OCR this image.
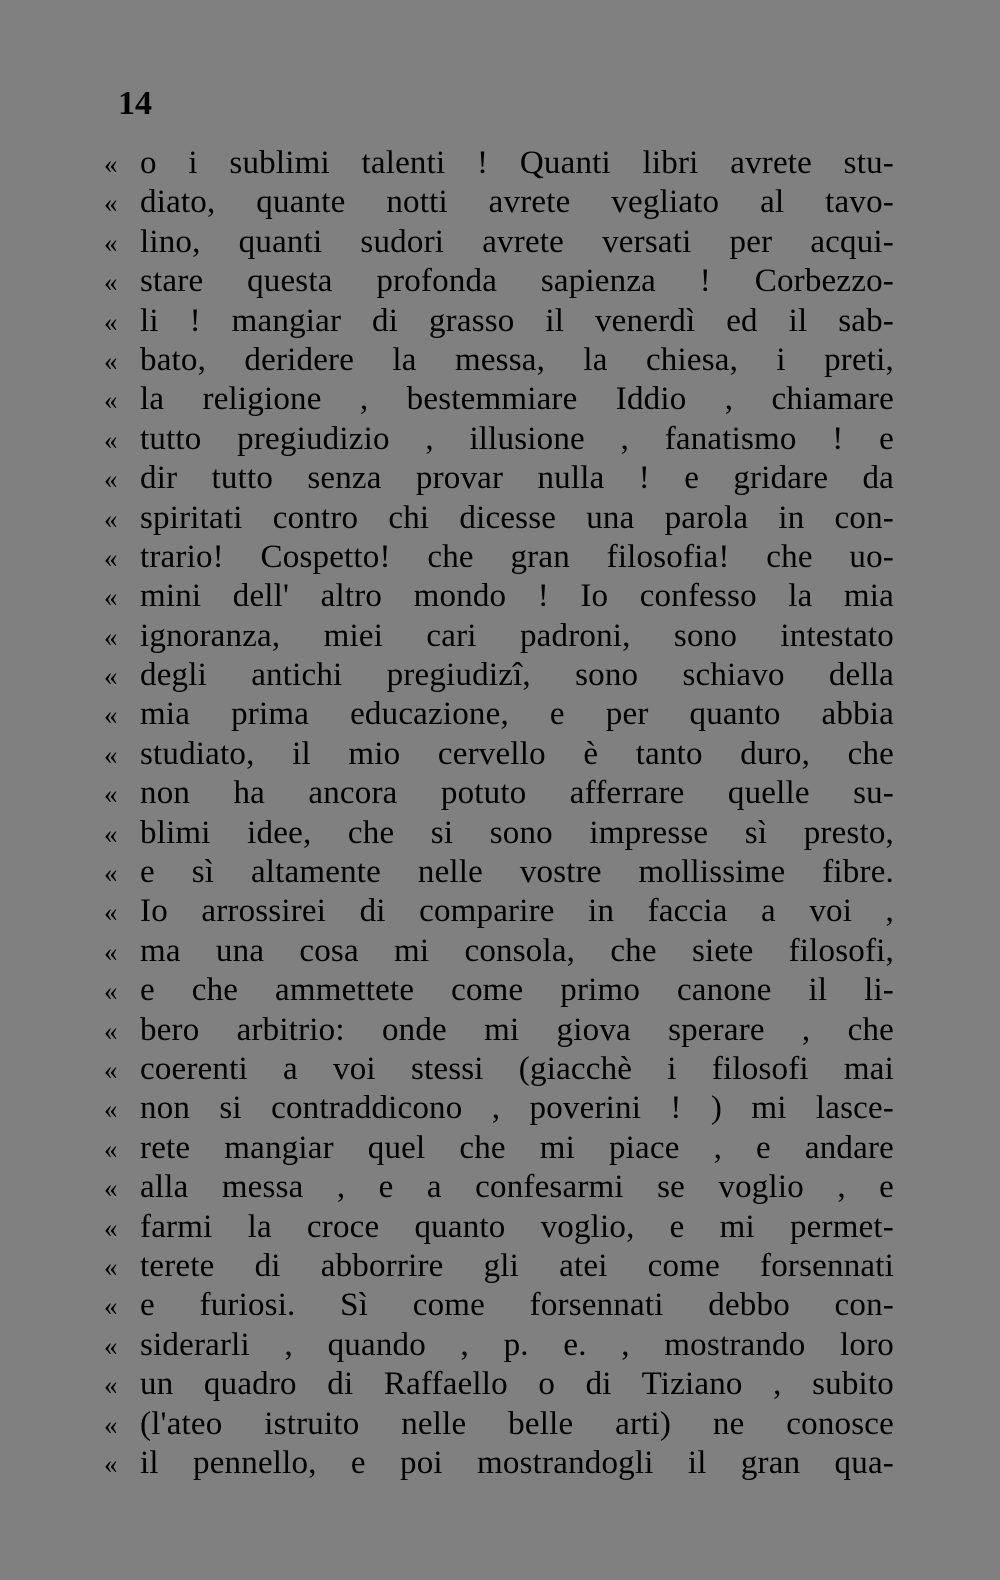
14
« o i sublimi talenti ! Quanti libri avrete stu-
« diato, quante notti avrete vegliato al tavo-
« lino, quanti sudori avrete versati per acqui-
« stare questa profonda sapienza ! Corbezzo-
« li ! mangiar di grasso il venerdì ed il sab-
« bato, deridere la messa, la chiesa, i preti,
« la religione , bestemmiare Iddio , chiamare
« tutto pregiudizio , illusione , fanatismo ! e
« dir tutto senza provar nulla ! e gridare da
« spiritati contro chi dicesse una parola in con-
« trario! Cospetto! che gran filosofia! che uo-
« mini dell' altro mondo ! Io confesso la mia
« ignoranza, miei cari padroni, sono intestato
« degli antichi pregiudizî, sono schiavo della
« mia prima educazione, e per quanto abbia
« studiato, il mio cervello è tanto duro, che
« non ha ancora potuto afferrare quelle su-
« blimi idee, che si sono impresse sì presto,
« e sì altamente nelle vostre mollissime fibre.
« Io arrossirei di comparire in faccia a voi ,
« ma una cosa mi consola, che siete filosofi,
« e che ammettete come primo canone il li-
« bero arbitrio: onde mi giova sperare , che
« coerenti a voi stessi (giacchè i filosofi mai
« non si contraddicono , poverini ! ) mi lasce-
« rete mangiar quel che mi piace , e andare
« alla messa , e a confesarmi se voglio , e
« farmi la croce quanto voglio, e mi permet-
« terete di abborrire gli atei come forsennati
« e furiosi. Sì come forsennati debbo con-
« siderarli , quando , p. e. , mostrando loro
« un quadro di Raffaello o di Tiziano , subito
« (l'ateo istruito nelle belle arti) ne conosce
« il pennello, e poi mostrandogli il gran qua-
